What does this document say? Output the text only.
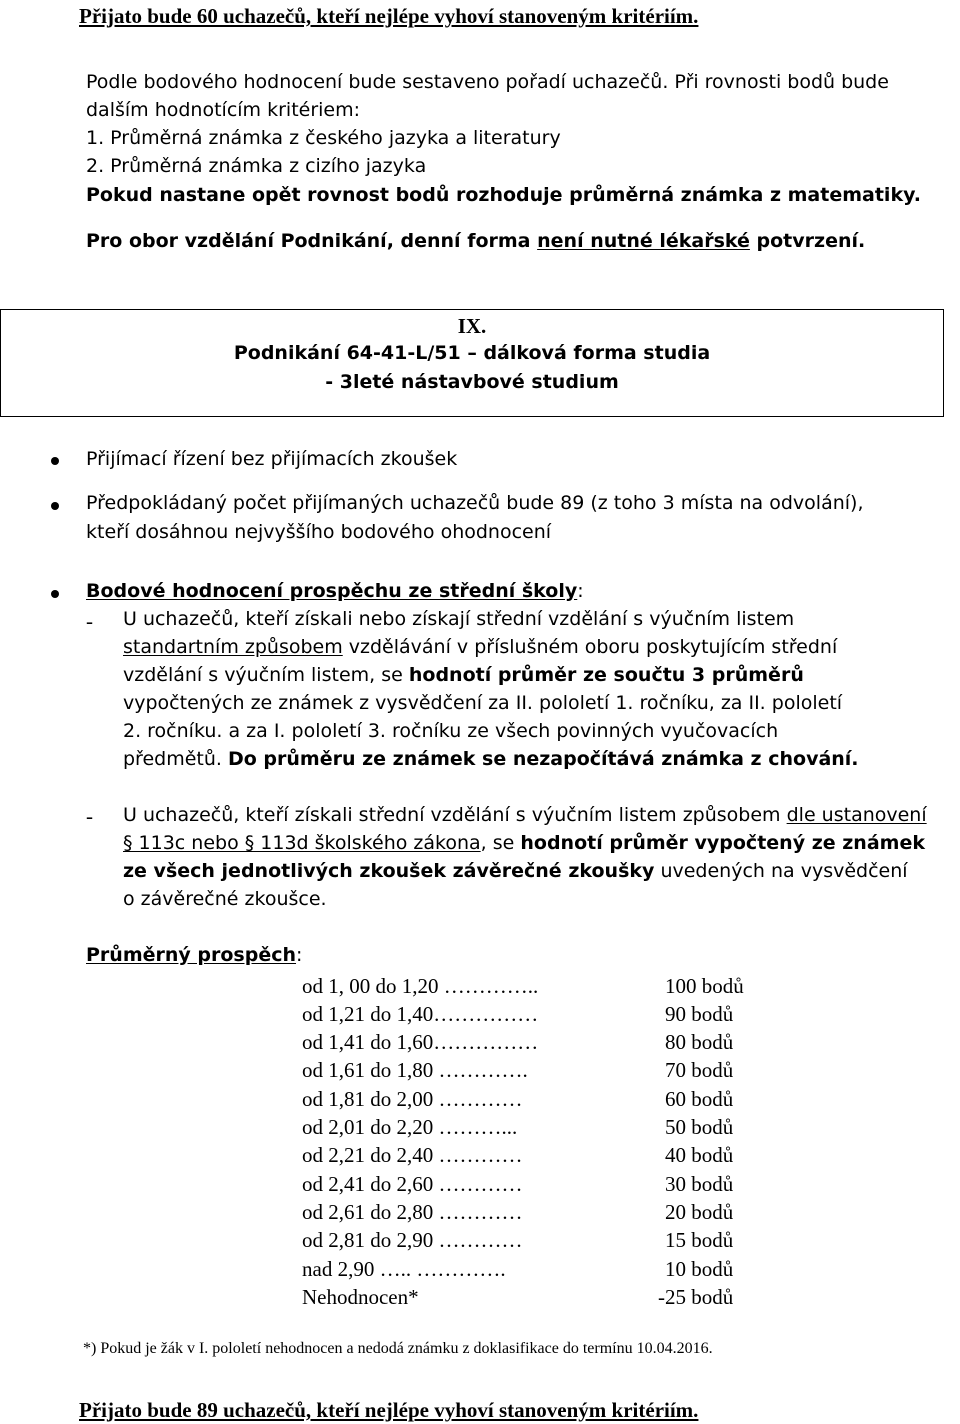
Přijato bude 60 uchazečů, kteří nejlépe vyhoví stanoveným kritériím.
Podle bodového hodnocení bude sestaveno pořadí uchazečů. Při rovnosti bodů bude
dalším hodnotícím kritériem:
1. Průměrná známka z českého jazyka a literatury
2. Průměrná známka z cizího jazyka
Pokud nastane opět rovnost bodů rozhoduje průměrná známka z matematiky.
Pro obor vzdělání Podnikání, denní forma není nutné lékařské potvrzení.
IX.
Podnikání 64-41-L/51 – dálková forma studia
- 3leté nástavbové studium
Přijímací řízení bez přijímacích zkoušek
Předpokládaný počet přijímaných uchazečů bude 89 (z toho 3 místa na odvolání),
kteří dosáhnou nejvyššího bodového ohodnocení
Bodové hodnocení prospěchu ze střední školy:
- U uchazečů, kteří získali nebo získají střední vzdělání s výučním listem
standartním způsobem vzdělávání v příslušném oboru poskytujícím střední
vzdělání s výučním listem, se hodnotí průměr ze součtu 3 průměrů
vypočtených ze známek z vysvědčení za II. pololetí 1. ročníku, za II. pololetí
2. ročníku. a za I. pololetí 3. ročníku ze všech povinných vyučovacích
předmětů. Do průměru ze známek se nezapočítává známka z chování.
- U uchazečů, kteří získali střední vzdělání s výučním listem způsobem dle ustanovení
§ 113c nebo § 113d školského zákona, se hodnotí průměr vypočtený ze známek
ze všech jednotlivých zkoušek závěrečné zkoušky uvedených na vysvědčení
o závěrečné zkoušce.
Průměrný prospěch:
od 1, 00 do 1,20 …………..	100 bodů
od 1,21 do 1,40……………	90 bodů
od 1,41 do 1,60……………	80 bodů
od 1,61 do 1,80 ………….	70 bodů
od 1,81 do 2,00 …………	60 bodů
od 2,01 do 2,20 ………...	50 bodů
od 2,21 do 2,40 …………	40 bodů
od 2,41 do 2,60 …………	30 bodů
od 2,61 do 2,80 …………	20 bodů
od 2,81 do 2,90 …………	15 bodů
nad 2,90 ….. ………….	10 bodů
Nehodnocen*	-25 bodů
*) Pokud je žák v I. pololetí nehodnocen a nedodá známku z doklasifikace do termínu 10.04.2016.
Přijato bude 89 uchazečů, kteří nejlépe vyhoví stanoveným kritériím.
